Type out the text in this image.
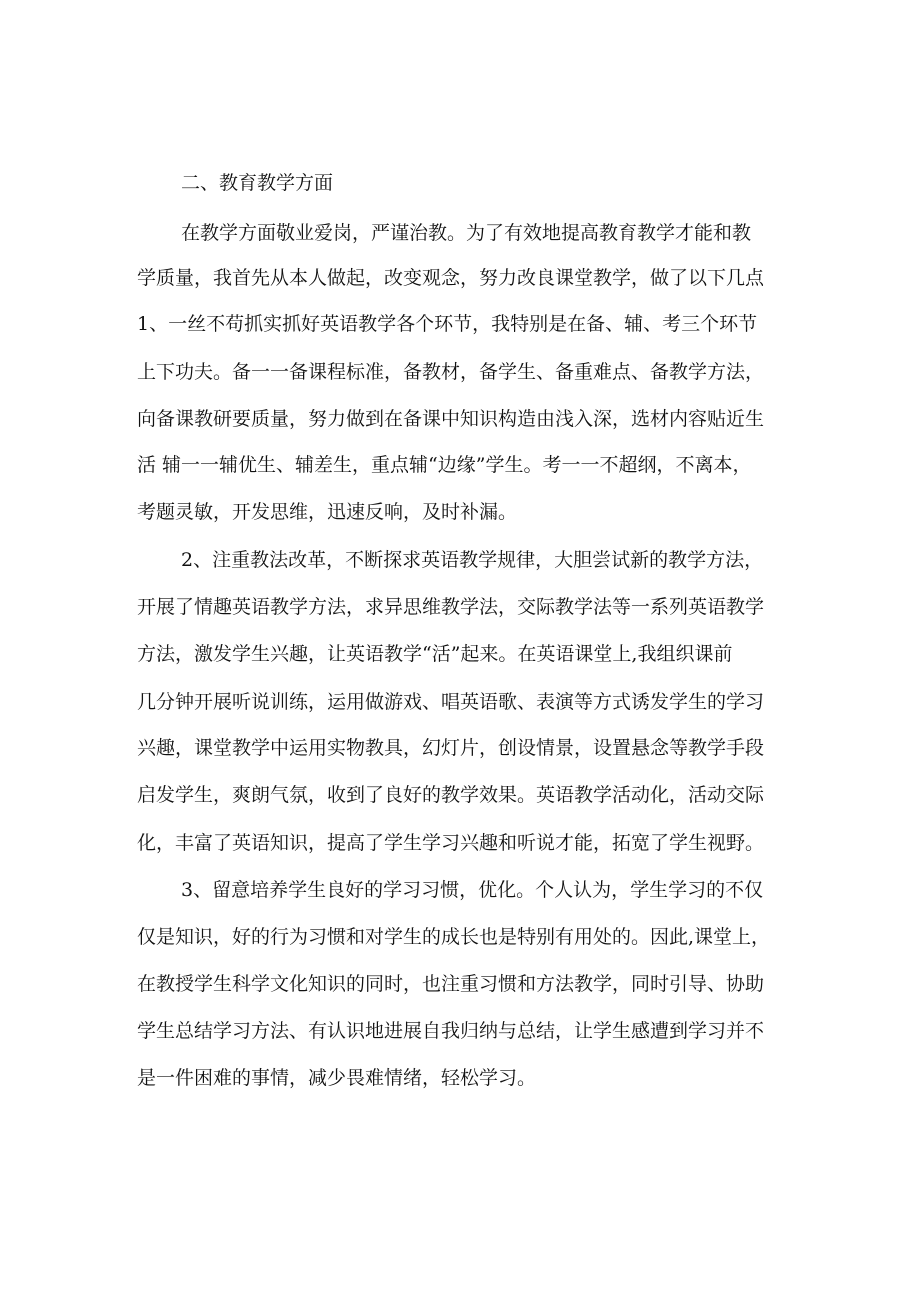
二、教育教学方面
在教学方面敬业爱岗，严谨治教。为了有效地提高教育教学才能和教
学质量，我首先从本人做起，改变观念，努力改良课堂教学，做了以下几点
1、一丝不苟抓实抓好英语教学各个环节，我特别是在备、辅、考三个环节
上下功夫。备一一备课程标准，备教材，备学生、备重难点、备教学方法，
向备课教研要质量，努力做到在备课中知识构造由浅入深，选材内容贴近生
活 辅一一辅优生、辅差生，重点辅“边缘”学生。考一一不超纲，不离本，
考题灵敏，开发思维，迅速反响，及时补漏。
2、注重教法改革，不断探求英语教学规律，大胆尝试新的教学方法，
开展了情趣英语教学方法，求异思维教学法，交际教学法等一系列英语教学
方法，激发学生兴趣，让英语教学“活”起来。在英语课堂上,我组织课前
几分钟开展听说训练，运用做游戏、唱英语歌、表演等方式诱发学生的学习
兴趣，课堂教学中运用实物教具，幻灯片，创设情景，设置悬念等教学手段
启发学生，爽朗气氛，收到了良好的教学效果。英语教学活动化，活动交际
化，丰富了英语知识，提高了学生学习兴趣和听说才能，拓宽了学生视野。
3、留意培养学生良好的学习习惯，优化。个人认为，学生学习的不仅
仅是知识，好的行为习惯和对学生的成长也是特别有用处的。因此,课堂上，
在教授学生科学文化知识的同时，也注重习惯和方法教学，同时引导、协助
学生总结学习方法、有认识地进展自我归纳与总结，让学生感遭到学习并不
是一件困难的事情，减少畏难情绪，轻松学习。
